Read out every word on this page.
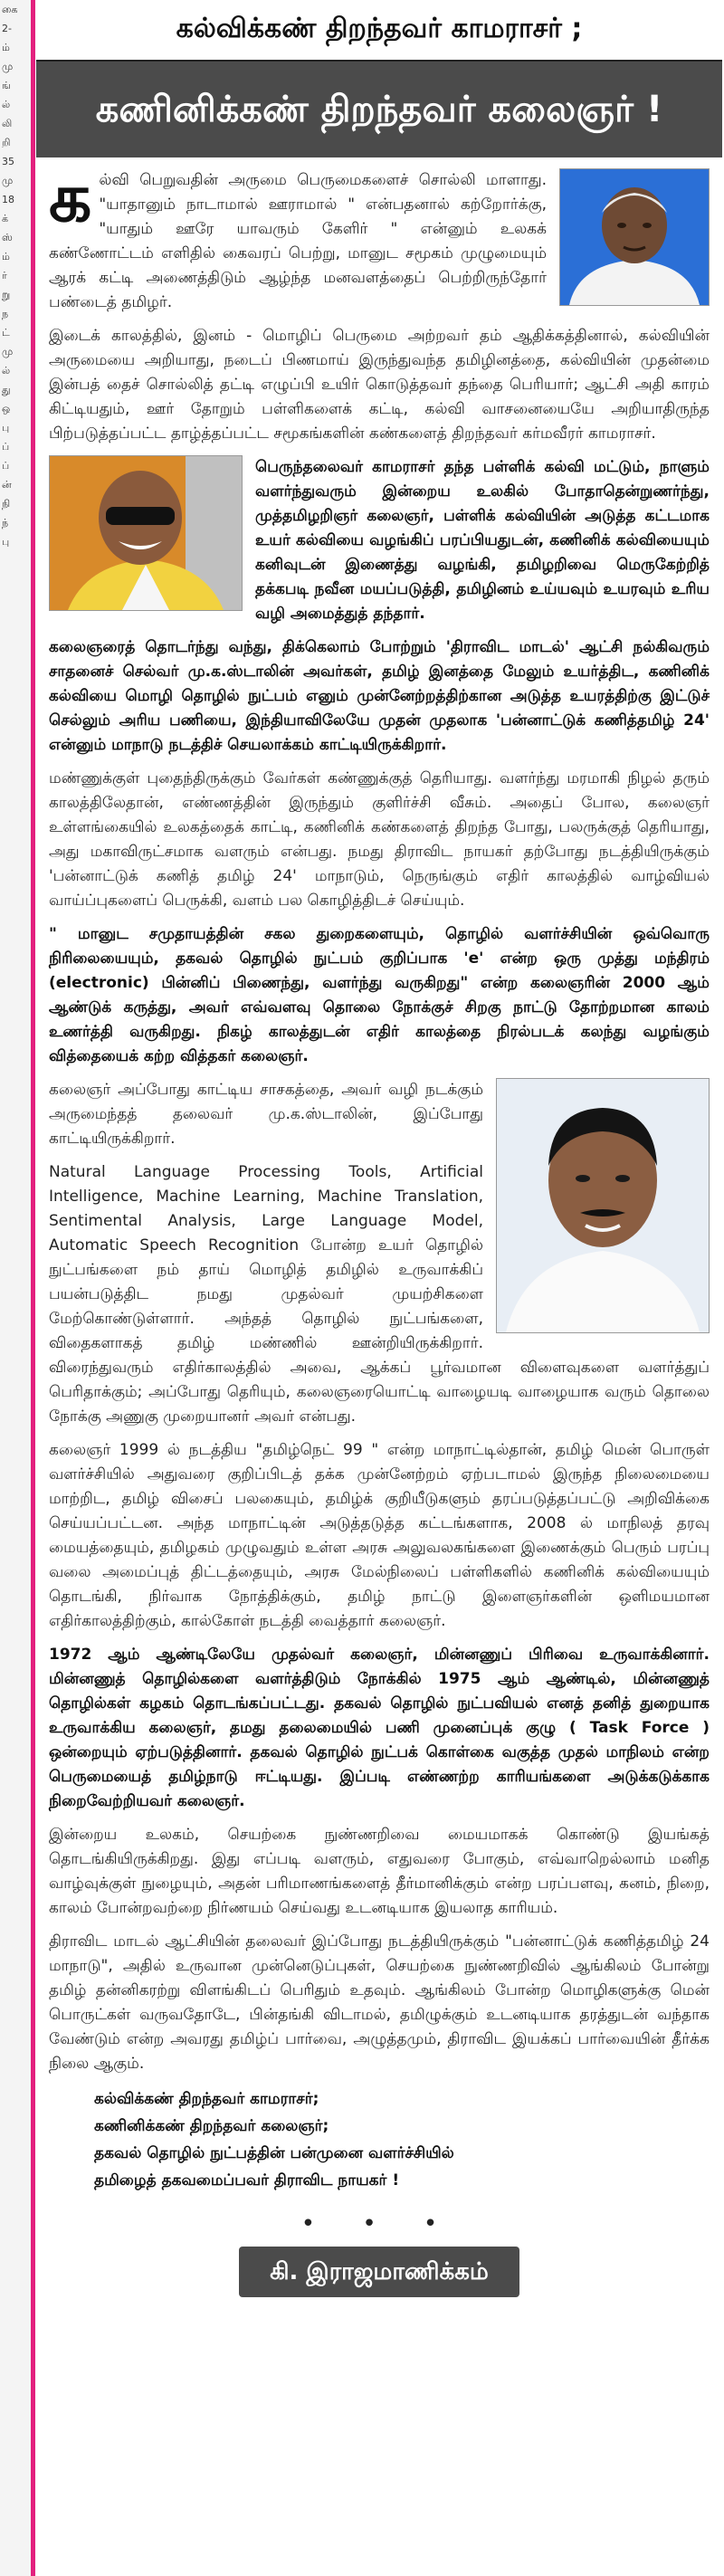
கை
2-
ம்
மு
ங்
ல்
லி
றி
35
மு
18
க்
ஸ்
ம்
ர்
று
ந
ட்
மு
ல்
து
ஒ
பு
ப்
ப்
ன்
நி
ந்
பு
கல்விக்கண் திறந்தவர் காமராசர் ;
கணினிக்கண் திறந்தவர் கலைஞர் !

கல்வி பெறுவதின் அருமை பெருமைகளைச் சொல்லி மாளாது. "யாதானும் நாடாமால் ஊராமால் " என்பதனால் கற்றோர்க்கு, "யாதும் ஊரே யாவரும் கேளிர் " என்னும் உலகக் கண்ணோட்டம் எளிதில் கைவரப் பெற்று, மானுட சமூகம் முழுமையும் ஆரக் கட்டி அணைத்திடும் ஆழ்ந்த மனவளத்தைப் பெற்றிருந்தோர் பண்டைத் தமிழர்.

இடைக் காலத்தில், இனம் - மொழிப் பெருமை அற்றவர் தம் ஆதிக்கத்தினால், கல்வியின் அருமையை அறியாது, நடைப் பிணமாய் இருந்துவந்த தமிழினத்தை, கல்வியின் முதன்மை இன்பத் தைச் சொல்லித் தட்டி எழுப்பி உயிர் கொடுத்தவர் தந்தை பெரியார்; ஆட்சி அதி காரம் கிட்டியதும், ஊர் தோறும் பள்ளிகளைக் கட்டி, கல்வி வாசனையையே அறியாதிருந்த பிற்படுத்தப்பட்ட தாழ்த்தப்பட்ட சமூகங்களின் கண்களைத் திறந்தவர் கர்மவீரர் காமராசர்.

பெருந்தலைவர் காமராசர் தந்த பள்ளிக் கல்வி மட்டும், நாளும் வளர்ந்துவரும் இன்றைய உலகில் போதாதென்றுணர்ந்து, முத்தமிழறிஞர் கலைஞர், பள்ளிக் கல்வியின் அடுத்த கட்டமாக உயர் கல்வியை வழங்கிப் பரப்பியதுடன், கணினிக் கல்வியையும் கனிவுடன் இணைத்து வழங்கி, தமிழறிவை மெருகேற்றித் தக்கபடி நவீன மயப்படுத்தி, தமிழினம் உய்யவும் உயரவும் உரிய வழி அமைத்துத் தந்தார்.

கலைஞரைத் தொடர்ந்து வந்து, திக்கெலாம் போற்றும் 'திராவிட மாடல்' ஆட்சி நல்கிவரும் சாதனைச் செல்வர் மு.க.ஸ்டாலின் அவர்கள், தமிழ் இனத்தை மேலும் உயர்த்திட, கணினிக் கல்வியை மொழி தொழில் நுட்பம் எனும் முன்னேற்றத்திற்கான அடுத்த உயரத்திற்கு இட்டுச் செல்லும் அரிய பணியை, இந்தியாவிலேயே முதன் முதலாக 'பன்னாட்டுக் கணித்தமிழ் 24' என்னும் மாநாடு நடத்திச் செயலாக்கம் காட்டியிருக்கிறார்.

மண்ணுக்குள் புதைந்திருக்கும் வேர்கள் கண்ணுக்குத் தெரியாது. வளர்ந்து மரமாகி நிழல் தரும் காலத்திலேதான், எண்ணத்தின் இருந்தும் குளிர்ச்சி வீசும். அதைப் போல, கலைஞர் உள்ளங்கையில் உலகத்தைக் காட்டி, கணினிக் கண்களைத் திறந்த போது, பலருக்குத் தெரியாது, அது மகாவிருட்சமாக வளரும் என்பது. நமது திராவிட நாயகர் தற்போது நடத்தியிருக்கும் 'பன்னாட்டுக் கணித் தமிழ் 24' மாநாடும், நெருங்கும் எதிர் காலத்தில் வாழ்வியல் வாய்ப்புகளைப் பெருக்கி, வளம் பல கொழித்திடச் செய்யும்.

" மானுட சமுதாயத்தின் சகல துறைகளையும், தொழில் வளர்ச்சியின் ஒவ்வொரு நிரிலையையும், தகவல் தொழில் நுட்பம் குறிப்பாக 'e' என்ற ஒரு முத்து மந்திரம் (electronic) பின்னிப் பிணைந்து, வளர்ந்து வருகிறது" என்ற கலைஞரின் 2000 ஆம் ஆண்டுக் கருத்து, அவர் எவ்வளவு தொலை நோக்குச் சிறகு நாட்டு தோற்றமான காலம் உணர்த்தி வருகிறது. நிகழ் காலத்துடன் எதிர் காலத்தை நிரல்படக் கலந்து வழங்கும் வித்தையைக் கற்ற வித்தகர் கலைஞர்.

கலைஞர் அப்போது காட்டிய சாசகத்தை, அவர் வழி நடக்கும் அருமைந்தத் தலைவர் மு.க.ஸ்டாலின், இப்போது காட்டியிருக்கிறார்.

Natural Language Processing Tools, Artificial Intelligence, Machine Learning, Machine Translation, Sentimental Analysis, Large Language Model, Automatic Speech Recognition போன்ற உயர் தொழில் நுட்பங்களை நம் தாய் மொழித் தமிழில் உருவாக்கிப் பயன்படுத்திட நமது முதல்வர் முயற்சிகளை மேற்கொண்டுள்ளார். அந்தத் தொழில் நுட்பங்களை, விதைகளாகத் தமிழ் மண்ணில் ஊன்றியிருக்கிறார். விரைந்துவரும் எதிர்காலத்தில் அவை, ஆக்கப் பூர்வமான விளைவுகளை வளர்த்துப் பெரிதாக்கும்; அப்போது தெரியும், கலைஞரையொட்டி வாழையடி வாழையாக வரும் தொலை நோக்கு அணுகு முறையானர் அவர் என்பது.

கலைஞர் 1999 ல் நடத்திய "தமிழ்நெட் 99 " என்ற மாநாட்டில்தான், தமிழ் மென் பொருள் வளர்ச்சியில் அதுவரை குறிப்பிடத் தக்க முன்னேற்றம் ஏற்படாமல் இருந்த நிலைமையை மாற்றிட, தமிழ் விசைப் பலகையும், தமிழ்க் குறியீடுகளும் தரப்படுத்தப்பட்டு அறிவிக்கை செய்யப்பட்டன. அந்த மாநாட்டின் அடுத்தடுத்த கட்டங்களாக, 2008 ல் மாநிலத் தரவு மையத்தையும், தமிழகம் முழுவதும் உள்ள அரசு அலுவலகங்களை இணைக்கும் பெரும் பரப்பு வலை அமைப்புத் திட்டத்தையும், அரசு மேல்நிலைப் பள்ளிகளில் கணினிக் கல்வியையும் தொடங்கி, நிர்வாக நோத்திக்கும், தமிழ் நாட்டு இளைஞர்களின் ஒளிமயமான எதிர்காலத்திற்கும், கால்கோள் நடத்தி வைத்தார் கலைஞர்.

1972 ஆம் ஆண்டிலேயே முதல்வர் கலைஞர், மின்னணுப் பிரிவை உருவாக்கினார். மின்னணுத் தொழில்களை வளர்த்திடும் நோக்கில் 1975 ஆம் ஆண்டில், மின்னணுத் தொழில்கள் கழகம் தொடங்கப்பட்டது. தகவல் தொழில் நுட்பவியல் எனத் தனித் துறையாக உருவாக்கிய கலைஞர், தமது தலைமையில் பணி முனைப்புக் குழு ( Task Force ) ஒன்றையும் ஏற்படுத்தினார். தகவல் தொழில் நுட்பக் கொள்கை வகுத்த முதல் மாநிலம் என்ற பெருமையைத் தமிழ்நாடு ஈட்டியது. இப்படி எண்ணற்ற காரியங்களை அடுக்கடுக்காக நிறைவேற்றியவர் கலைஞர்.

இன்றைய உலகம், செயற்கை நுண்ணறிவை மையமாகக் கொண்டு இயங்கத் தொடங்கியிருக்கிறது. இது எப்படி வளரும், எதுவரை போகும், எவ்வாறெல்லாம் மனித வாழ்வுக்குள் நுழையும், அதன் பரிமாணங்களைத் தீர்மானிக்கும் என்ற பரப்பளவு, கனம், நிறை, காலம் போன்றவற்றை நிர்ணயம் செய்வது உடனடியாக இயலாத காரியம்.

திராவிட மாடல் ஆட்சியின் தலைவர் இப்போது நடத்தியிருக்கும் "பன்னாட்டுக் கணித்தமிழ் 24 மாநாடு", அதில் உருவான முன்னெடுப்புகள், செயற்கை நுண்ணறிவில் ஆங்கிலம் போன்று தமிழ் தன்னிகரற்று விளங்கிடப் பெரிதும் உதவும். ஆங்கிலம் போன்ற மொழிகளுக்கு மென் பொருட்கள் வருவதோடே, பின்தங்கி விடாமல், தமிழுக்கும் உடனடியாக தரத்துடன் வந்தாக வேண்டும் என்ற அவரது தமிழ்ப் பார்வை, அழுத்தமும், திராவிட இயக்கப் பார்வையின் தீர்க்க நிலை ஆகும்.

கல்விக்கண் திறந்தவர் காமராசர்;
கணினிக்கண் திறந்தவர் கலைஞர்;
தகவல் தொழில் நுட்பத்தின் பன்முனை வளர்ச்சியில்
தமிழைத் தகவமைப்பவர் திராவிட நாயகர் !
• • •
கி. இராஜமாணிக்கம்
